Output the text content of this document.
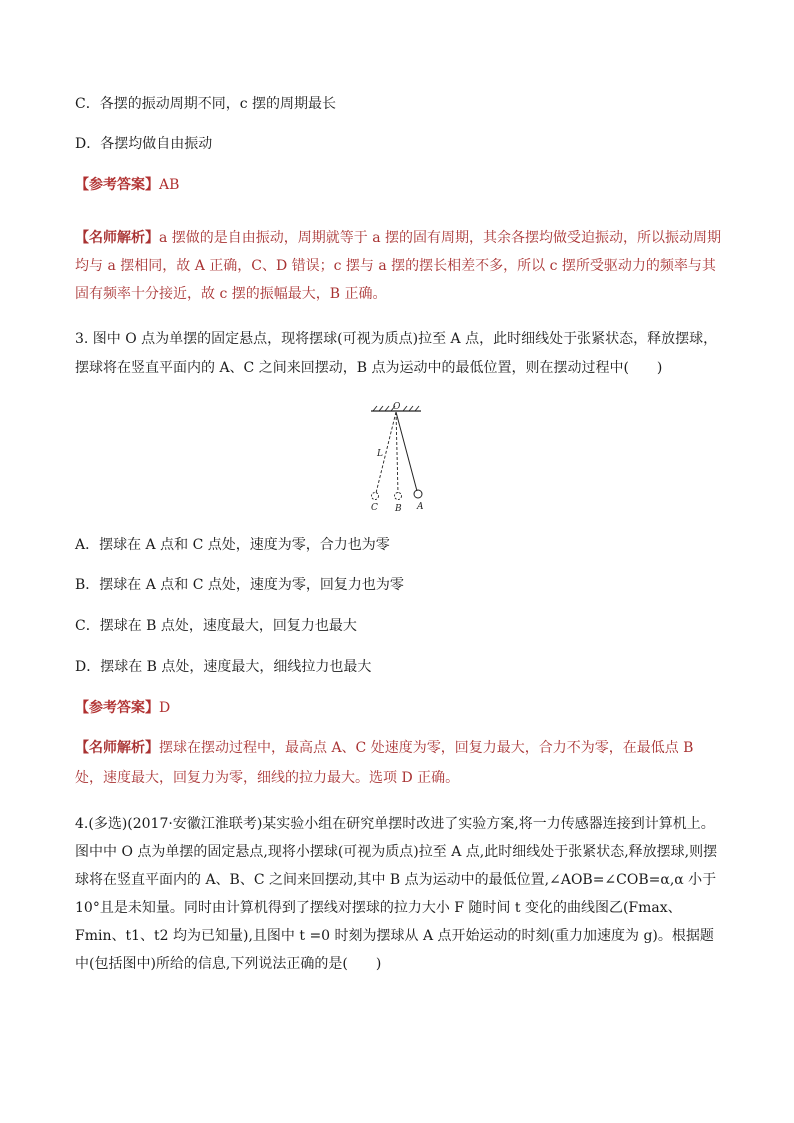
C．各摆的振动周期不同，c 摆的周期最长
D．各摆均做自由振动
【参考答案】AB
【名师解析】a 摆做的是自由振动，周期就等于 a 摆的固有周期，其余各摆均做受迫振动，所以振动周期均与 a 摆相同，故 A 正确，C、D 错误；c 摆与 a 摆的摆长相差不多，所以 c 摆所受驱动力的频率与其固有频率十分接近，故 c 摆的振幅最大，B 正确。
3. 图中 O 点为单摆的固定悬点，现将摆球(可视为质点)拉至 A 点，此时细线处于张紧状态，释放摆球，摆球将在竖直平面内的 A、C 之间来回摆动，B 点为运动中的最低位置，则在摆动过程中(　　)
O
L
A
B
C
A．摆球在 A 点和 C 点处，速度为零，合力也为零
B．摆球在 A 点和 C 点处，速度为零，回复力也为零
C．摆球在 B 点处，速度最大，回复力也最大
D．摆球在 B 点处，速度最大，细线拉力也最大
【参考答案】D
【名师解析】摆球在摆动过程中，最高点 A、C 处速度为零，回复力最大，合力不为零，在最低点 B 处，速度最大，回复力为零，细线的拉力最大。选项 D 正确。
4.(多选)(2017·安徽江淮联考)某实验小组在研究单摆时改进了实验方案,将一力传感器连接到计算机上。图中中 O 点为单摆的固定悬点,现将小摆球(可视为质点)拉至 A 点,此时细线处于张紧状态,释放摆球,则摆球将在竖直平面内的 A、B、C 之间来回摆动,其中 B 点为运动中的最低位置,∠AOB=∠COB=α,α 小于 10°且是未知量。同时由计算机得到了摆线对摆球的拉力大小 F 随时间 t 变化的曲线图乙(Fmax、Fmin、t1、t2 均为已知量),且图中 t =0 时刻为摆球从 A 点开始运动的时刻(重力加速度为 g)。根据题中(包括图中)所给的信息,下列说法正确的是(　　)
